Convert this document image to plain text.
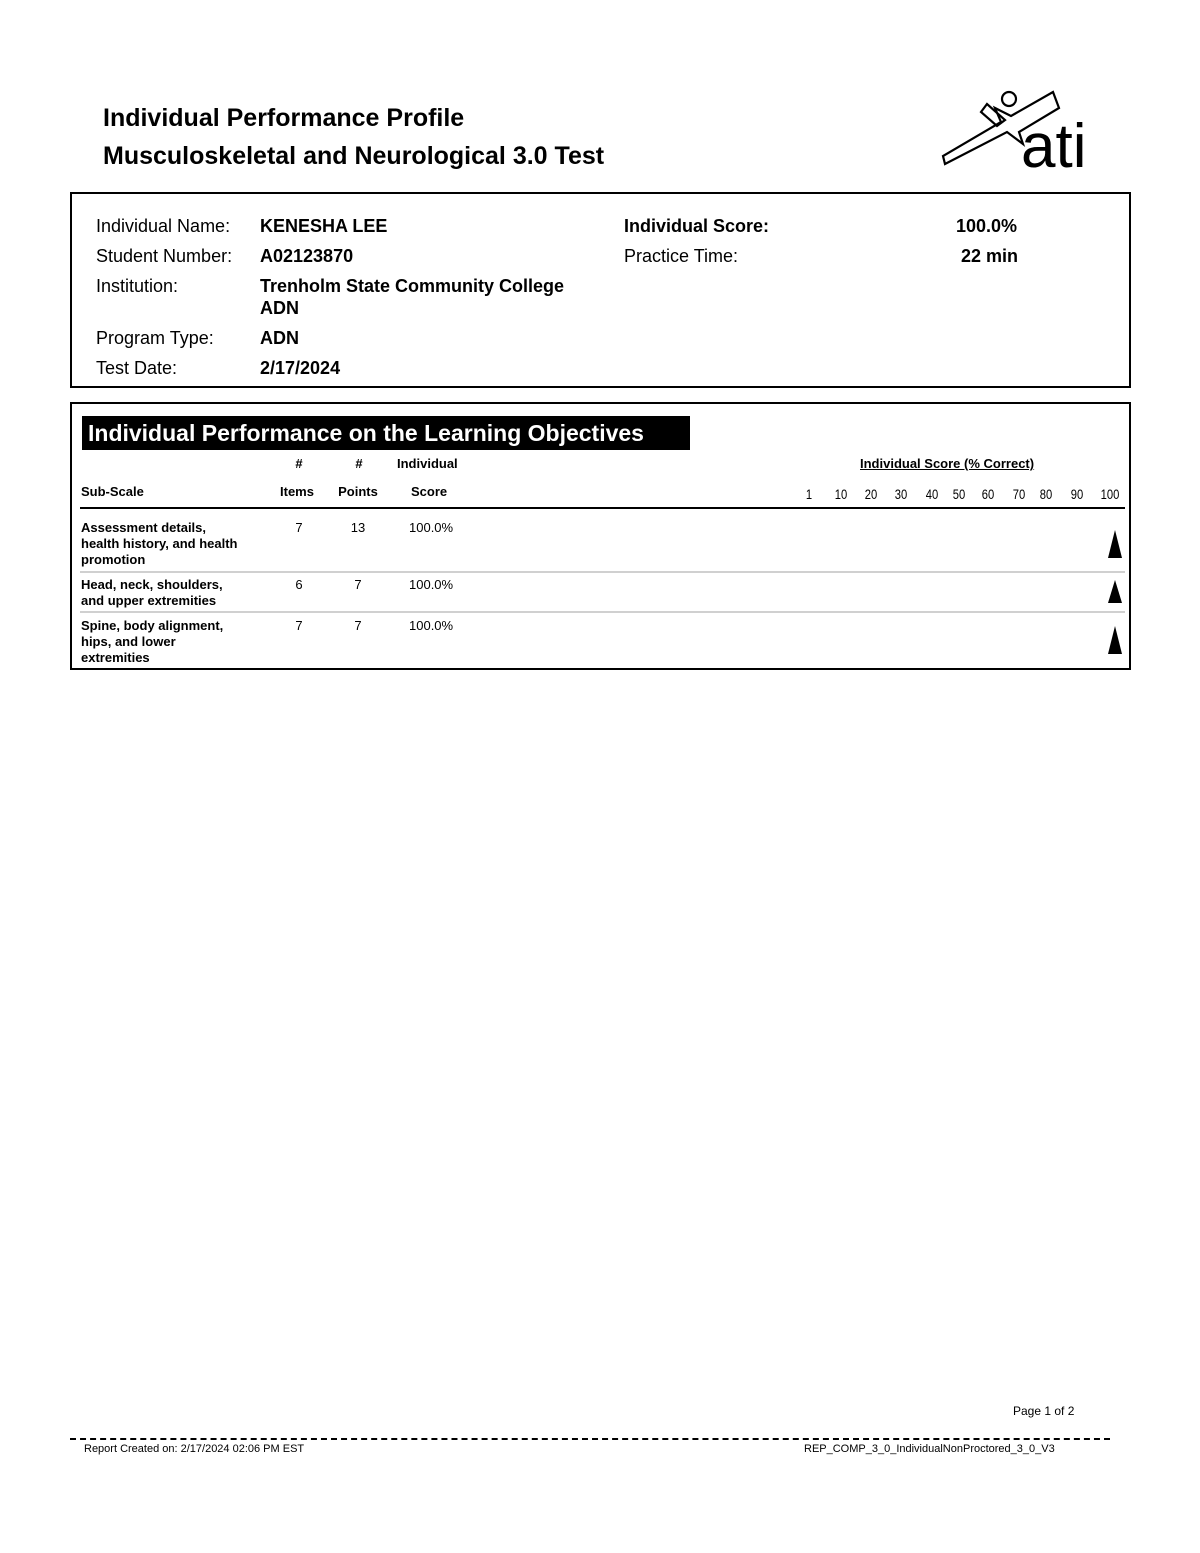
Individual Performance Profile
Musculoskeletal and Neurological 3.0 Test	ati
Individual Name: KENESHA LEE
Student Number: A02123870
Institution:	Trenholm State Community College
ADN
Program Type:	ADN
Test Date:	2/17/2024
Individual Score:	100.0%
Practice Time:	22 min
Individual Performance on the Learning Objectives
#	#	Individual	Individual Score (% Correct)
Sub-Scale	Items Points	Score	1	10 20 30 40 50 60 70 80 90 100
Assessment details,
health history, and health
promotion
7	13	100.0%
Head, neck, shoulders,
and upper extremities
6	7	100.0%
Spine, body alignment,
hips, and lower
extremities
7	7	100.0%
Page 1 of 2
Report Created on: 2/17/2024 02:06 PM EST	REP_COMP_3_0_IndividualNonProctored_3_0_V3
